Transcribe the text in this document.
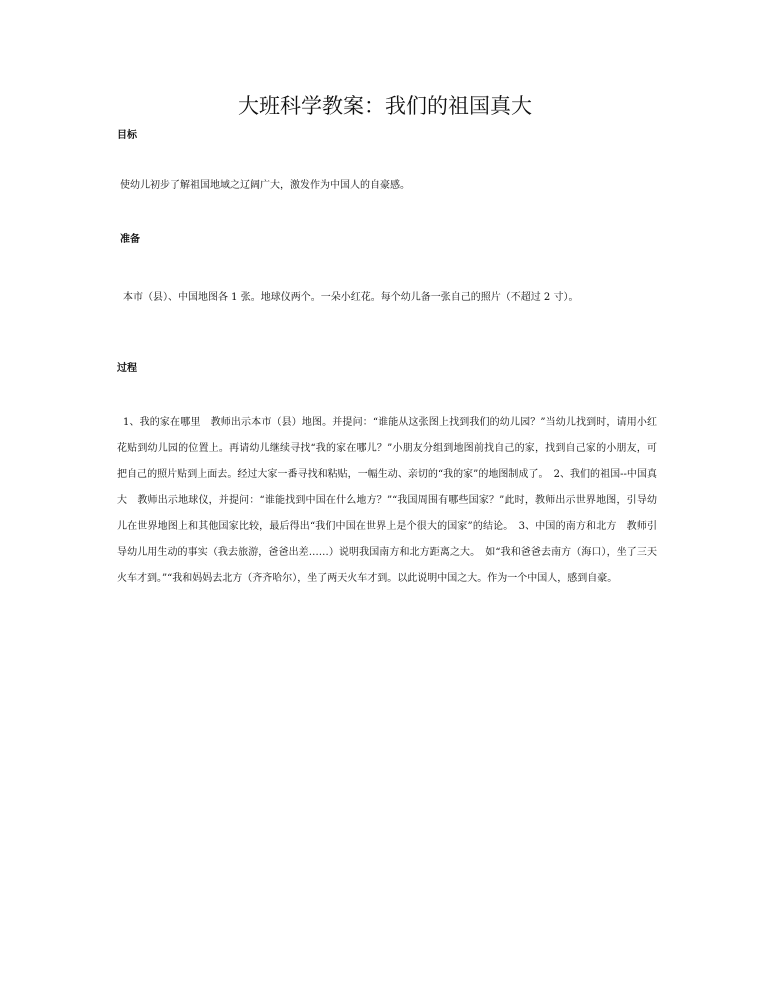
大班科学教案：我们的祖国真大
目标

使幼儿初步了解祖国地域之辽阔广大，激发作为中国人的自豪感。

准备

本市（县）、中国地图各 1 张。地球仪两个。一朵小红花。每个幼儿备一张自己的照片（不超过 2 寸）。

过程

1、我的家在哪里　教师出示本市（县）地图。并提问：“谁能从这张图上找到我们的幼儿园？”当幼儿找到时，请用小红花贴到幼儿园的位置上。再请幼儿继续寻找“我的家在哪儿？”小朋友分组到地图前找自己的家，找到自己家的小朋友，可把自己的照片贴到上面去。经过大家一番寻找和粘贴，一幅生动、亲切的“我的家”的地图制成了。　2、我们的祖国--中国真大　教师出示地球仪，并提问：“谁能找到中国在什么地方？”“我国周围有哪些国家？”此时，教师出示世界地图，引导幼儿在世界地图上和其他国家比较，最后得出“我们中国在世界上是个很大的国家”的结论。　3、中国的南方和北方　教师引导幼儿用生动的事实（我去旅游，爸爸出差……）说明我国南方和北方距离之大。　如“我和爸爸去南方（海口），坐了三天火车才到。”“我和妈妈去北方（齐齐哈尔），坐了两天火车才到。以此说明中国之大。作为一个中国人，感到自豪。
